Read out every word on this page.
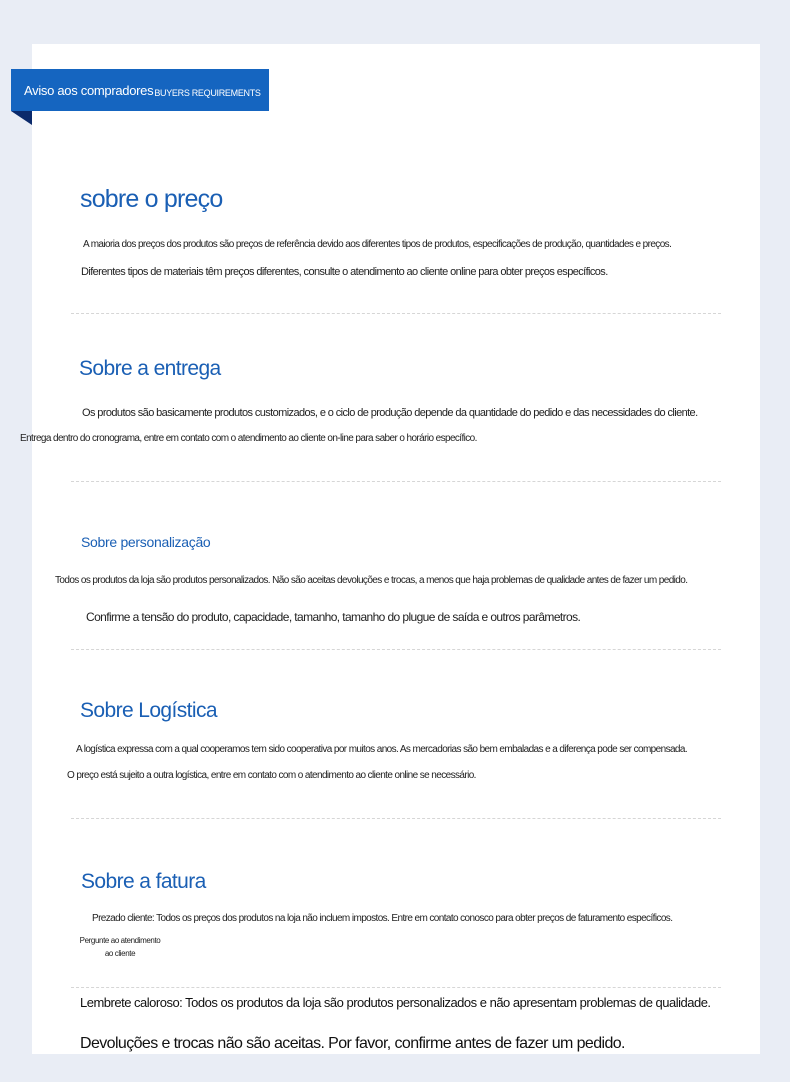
Aviso aos compradores BUYERS REQUIREMENTS
sobre o preço
A maioria dos preços dos produtos são preços de referência devido aos diferentes tipos de produtos, especificações de produção, quantidades e preços.
Diferentes tipos de materiais têm preços diferentes, consulte o atendimento ao cliente online para obter preços específicos.
Sobre a entrega
Os produtos são basicamente produtos customizados, e o ciclo de produção depende da quantidade do pedido e das necessidades do cliente.
Entrega dentro do cronograma, entre em contato com o atendimento ao cliente on-line para saber o horário específico.
Sobre personalização
Todos os produtos da loja são produtos personalizados. Não são aceitas devoluções e trocas, a menos que haja problemas de qualidade antes de fazer um pedido.
Confirme a tensão do produto, capacidade, tamanho, tamanho do plugue de saída e outros parâmetros.
Sobre Logística
A logística expressa com a qual cooperamos tem sido cooperativa por muitos anos. As mercadorias são bem embaladas e a diferença pode ser compensada.
O preço está sujeito a outra logística, entre em contato com o atendimento ao cliente online se necessário.
Sobre a fatura
Prezado cliente: Todos os preços dos produtos na loja não incluem impostos. Entre em contato conosco para obter preços de faturamento específicos.
Pergunte ao atendimento
ao cliente
Lembrete caloroso: Todos os produtos da loja são produtos personalizados e não apresentam problemas de qualidade.
Devoluções e trocas não são aceitas. Por favor, confirme antes de fazer um pedido.
